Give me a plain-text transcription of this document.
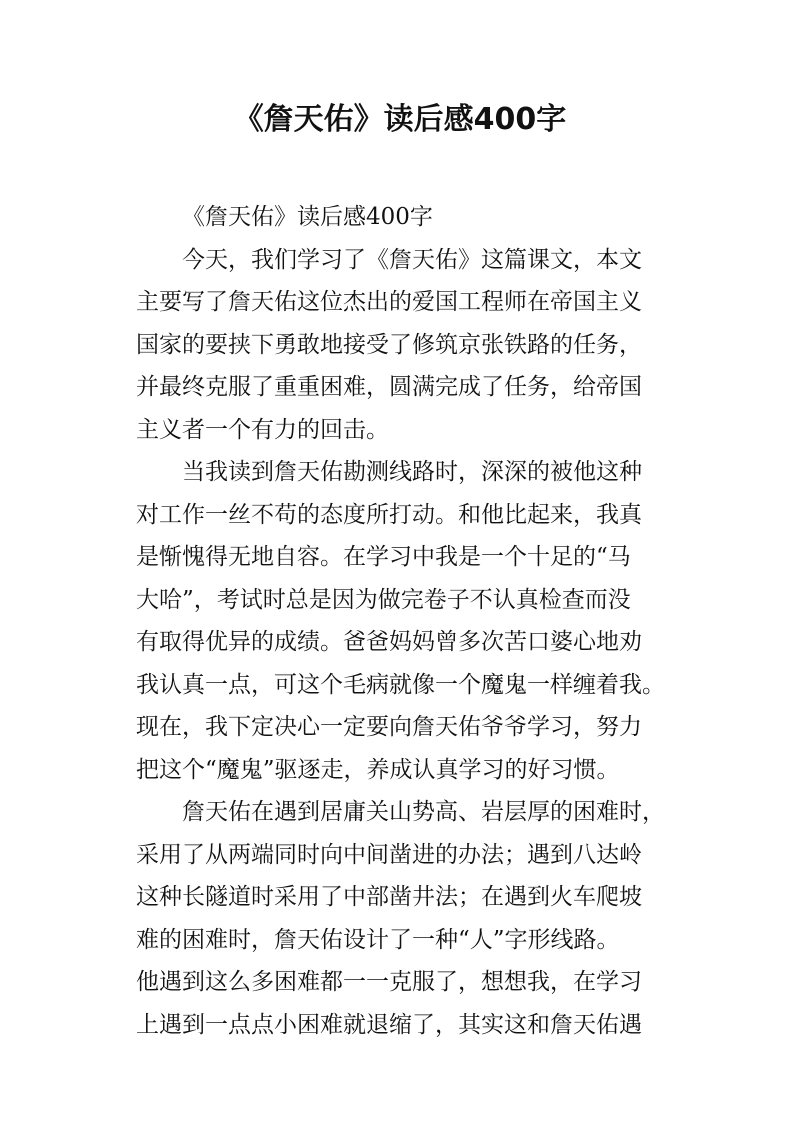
《詹天佑》读后感400字
《詹天佑》读后感400字
今天，我们学习了《詹天佑》这篇课文，本文
主要写了詹天佑这位杰出的爱国工程师在帝国主义
国家的要挟下勇敢地接受了修筑京张铁路的任务，
并最终克服了重重困难，圆满完成了任务，给帝国
主义者一个有力的回击。
当我读到詹天佑勘测线路时，深深的被他这种
对工作一丝不苟的态度所打动。和他比起来，我真
是惭愧得无地自容。在学习中我是一个十足的“马
大哈”，考试时总是因为做完卷子不认真检查而没
有取得优异的成绩。爸爸妈妈曾多次苦口婆心地劝
我认真一点，可这个毛病就像一个魔鬼一样缠着我。
现在，我下定决心一定要向詹天佑爷爷学习，努力
把这个“魔鬼”驱逐走，养成认真学习的好习惯。
詹天佑在遇到居庸关山势高、岩层厚的困难时，
采用了从两端同时向中间凿进的办法；遇到八达岭
这种长隧道时采用了中部凿井法；在遇到火车爬坡
难的困难时，詹天佑设计了一种“人”字形线路。
他遇到这么多困难都一一克服了，想想我，在学习
上遇到一点点小困难就退缩了，其实这和詹天佑遇
